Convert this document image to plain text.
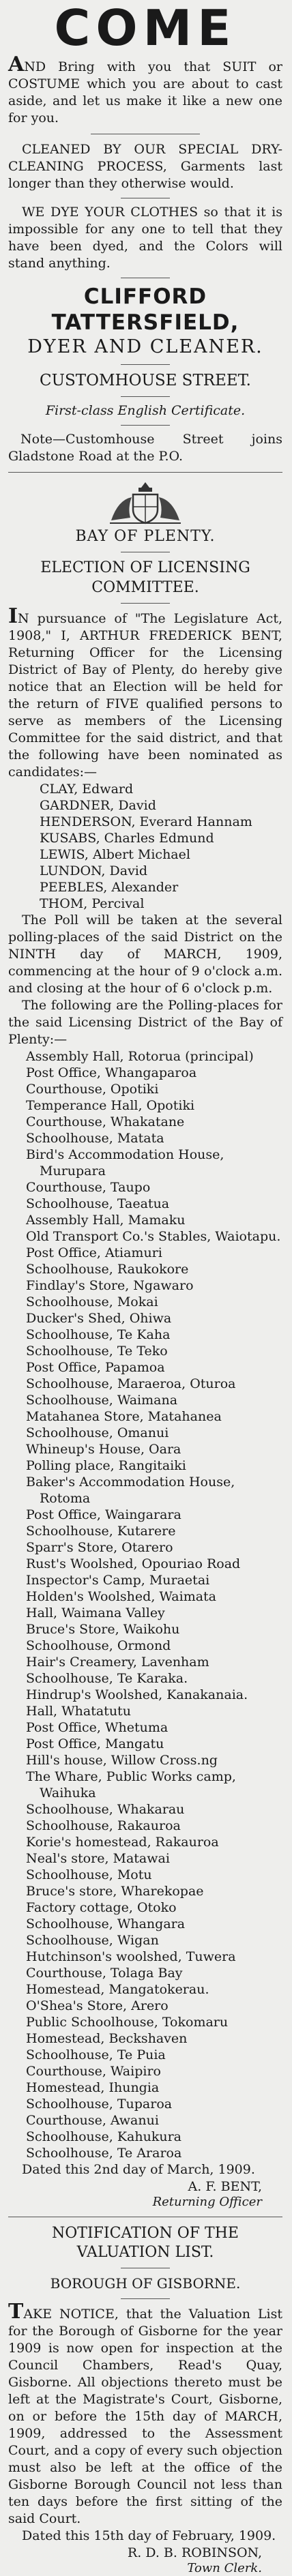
COME

AND Bring with you that SUIT or COSTUME which you are about to cast aside, and let us make it like a new one for you.

CLEANED BY OUR SPECIAL DRY-CLEANING PROCESS, Garments last longer than they otherwise would.

WE DYE YOUR CLOTHES so that it is impossible for any one to tell that they have been dyed, and the Colors will stand anything.

CLIFFORD TATTERSFIELD,

DYER AND CLEANER.

CUSTOMHOUSE STREET.

First-class English Certificate.

Note—Customhouse Street joins Gladstone Road at the P.O.

BAY OF PLENTY.

ELECTION OF LICENSING COMMITTEE.

IN pursuance of "The Legislature Act, 1908," I, ARTHUR FREDERICK BENT, Returning Officer for the Licensing District of Bay of Plenty, do hereby give notice that an Election will be held for the return of FIVE qualified persons to serve as members of the Licensing Committee for the said district, and that the following have been nominated as candidates:—

CLAY, Edward
GARDNER, David
HENDERSON, Everard Hannam
KUSABS, Charles Edmund
LEWIS, Albert Michael
LUNDON, David
PEEBLES, Alexander
THOM, Percival

The Poll will be taken at the several polling-places of the said District on the NINTH day of MARCH, 1909, commencing at the hour of 9 o'clock a.m. and closing at the hour of 6 o'clock p.m.

The following are the Polling-places for the said Licensing District of the Bay of Plenty:—

Assembly Hall, Rotorua (principal)
Post Office, Whangaparoa
Courthouse, Opotiki
Temperance Hall, Opotiki
Courthouse, Whakatane
Schoolhouse, Matata
Bird's Accommodation House, Murupara
Courthouse, Taupo
Schoolhouse, Taeatua
Assembly Hall, Mamaku
Old Transport Co.'s Stables, Waiotapu.
Post Office, Atiamuri
Schoolhouse, Raukokore
Findlay's Store, Ngawaro
Schoolhouse, Mokai
Ducker's Shed, Ohiwa
Schoolhouse, Te Kaha
Schoolhouse, Te Teko
Post Office, Papamoa
Schoolhouse, Maraeroa, Oturoa
Schoolhouse, Waimana
Matahanea Store, Matahanea
Schoolhouse, Omanui
Whineup's House, Oara
Polling place, Rangitaiki
Baker's Accommodation House, Rotoma
Post Office, Waingarara
Schoolhouse, Kutarere
Sparr's Store, Otarero
Rust's Woolshed, Opouriao Road
Inspector's Camp, Muraetai
Holden's Woolshed, Waimata
Hall, Waimana Valley
Bruce's Store, Waikohu
Schoolhouse, Ormond
Hair's Creamery, Lavenham
Schoolhouse, Te Karaka.
Hindrup's Woolshed, Kanakanaia.
Hall, Whatatutu
Post Office, Whetuma
Post Office, Mangatu
Hill's house, Willow Cross.ng
The Whare, Public Works camp, Waihuka
Schoolhouse, Whakarau
Schoolhouse, Rakauroa
Korie's homestead, Rakauroa
Neal's store, Matawai
Schoolhouse, Motu
Bruce's store, Wharekopae
Factory cottage, Otoko
Schoolhouse, Whangara
Schoolhouse, Wigan
Hutchinson's woolshed, Tuwera
Courthouse, Tolaga Bay
Homestead, Mangatokerau.
O'Shea's Store, Arero
Public Schoolhouse, Tokomaru
Homestead, Beckshaven
Schoolhouse, Te Puia
Courthouse, Waipiro
Homestead, Ihungia
Schoolhouse, Tuparoa
Courthouse, Awanui
Schoolhouse, Kahukura
Schoolhouse, Te Araroa

Dated this 2nd day of March, 1909.

A. F. BENT,

Returning Officer

NOTIFICATION OF THE VALUATION LIST.

BOROUGH OF GISBORNE.

TAKE NOTICE, that the Valuation List for the Borough of Gisborne for the year 1909 is now open for inspection at the Council Chambers, Read's Quay, Gisborne. All objections thereto must be left at the Magistrate's Court, Gisborne, on or before the 15th day of MARCH, 1909, addressed to the Assessment Court, and a copy of every such objection must also be left at the office of the Gisborne Borough Council not less than ten days before the first sitting of the said Court.

Dated this 15th day of February, 1909.

R. D. B. ROBINSON,

Town Clerk.
